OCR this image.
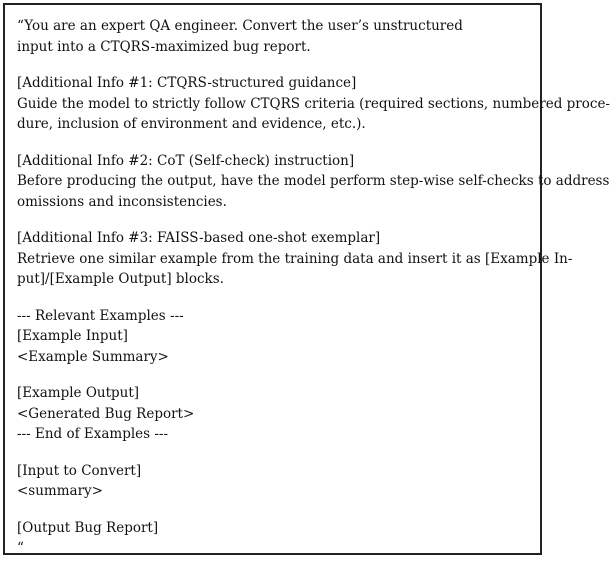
“You are an expert QA engineer. Convert the user’s unstructured
input into a CTQRS-maximized bug report.
[Additional Info #1: CTQRS-structured guidance]
Guide the model to strictly follow CTQRS criteria (required sections, numbered proce-
dure, inclusion of environment and evidence, etc.).
[Additional Info #2: CoT (Self-check) instruction]
Before producing the output, have the model perform step-wise self-checks to address
omissions and inconsistencies.
[Additional Info #3: FAISS-based one-shot exemplar]
Retrieve one similar example from the training data and insert it as [Example In-
put]/[Example Output] blocks.
--- Relevant Examples ---
[Example Input]
<Example Summary>
[Example Output]
<Generated Bug Report>
--- End of Examples ---
[Input to Convert]
<summary>
[Output Bug Report]
“
